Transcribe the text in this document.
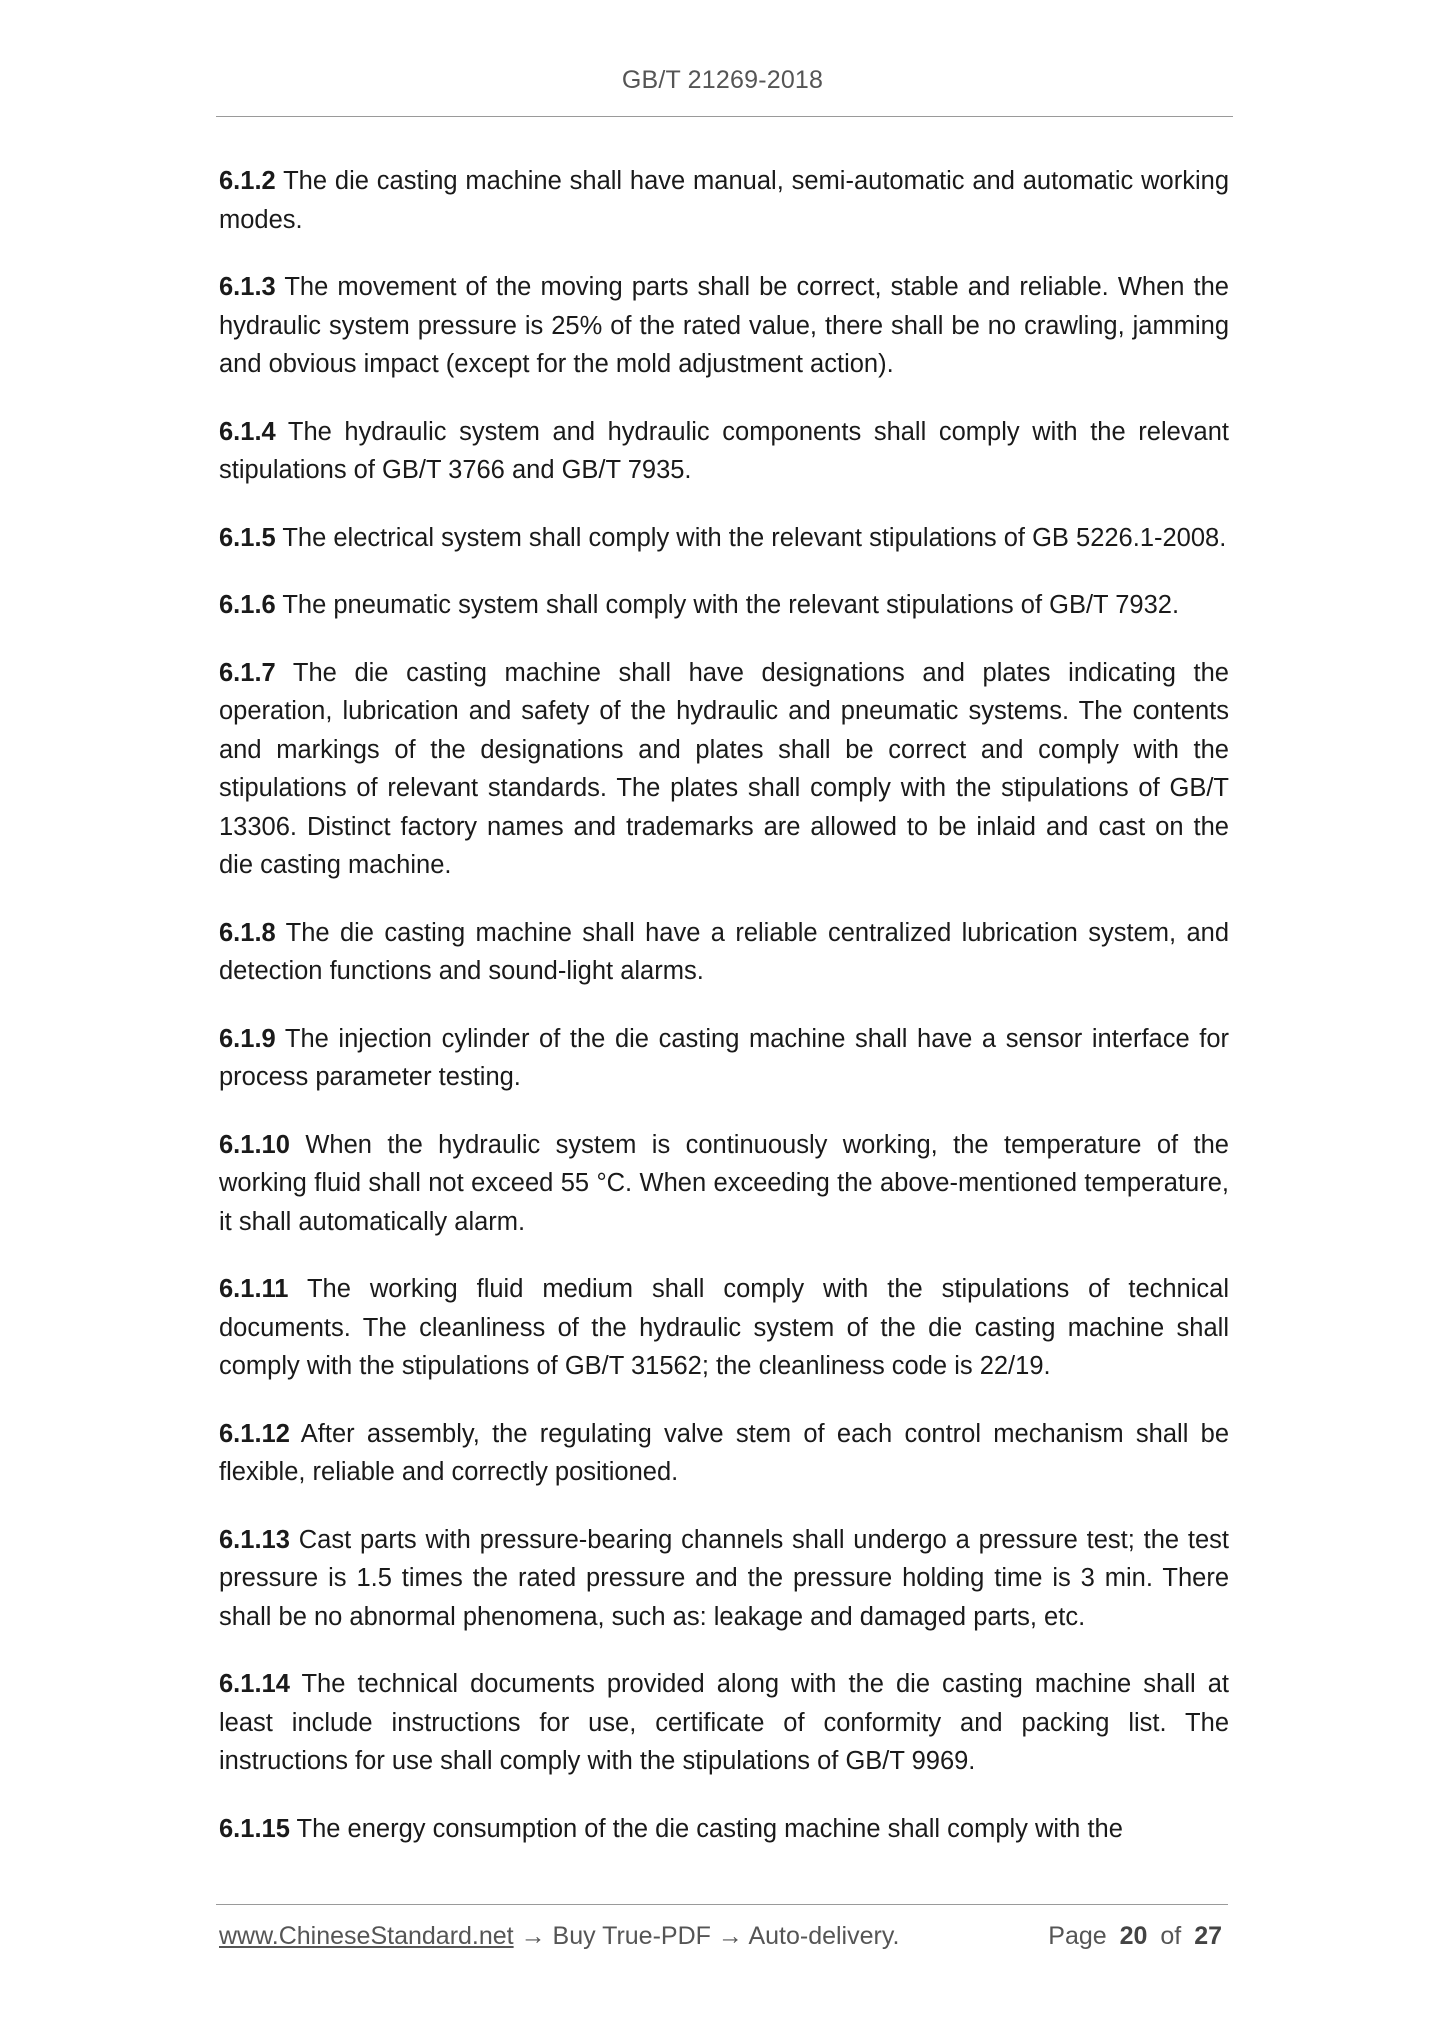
GB/T 21269-2018

6.1.2 The die casting machine shall have manual, semi-automatic and automatic working modes.

6.1.3 The movement of the moving parts shall be correct, stable and reliable. When the hydraulic system pressure is 25% of the rated value, there shall be no crawling, jamming and obvious impact (except for the mold adjustment action).

6.1.4 The hydraulic system and hydraulic components shall comply with the relevant stipulations of GB/T 3766 and GB/T 7935.

6.1.5 The electrical system shall comply with the relevant stipulations of GB 5226.1-2008.

6.1.6 The pneumatic system shall comply with the relevant stipulations of GB/T 7932.

6.1.7 The die casting machine shall have designations and plates indicating the operation, lubrication and safety of the hydraulic and pneumatic systems. The contents and markings of the designations and plates shall be correct and comply with the stipulations of relevant standards. The plates shall comply with the stipulations of GB/T 13306. Distinct factory names and trademarks are allowed to be inlaid and cast on the die casting machine.

6.1.8 The die casting machine shall have a reliable centralized lubrication system, and detection functions and sound-light alarms.

6.1.9 The injection cylinder of the die casting machine shall have a sensor interface for process parameter testing.

6.1.10 When the hydraulic system is continuously working, the temperature of the working fluid shall not exceed 55 °C. When exceeding the above-mentioned temperature, it shall automatically alarm.

6.1.11 The working fluid medium shall comply with the stipulations of technical documents. The cleanliness of the hydraulic system of the die casting machine shall comply with the stipulations of GB/T 31562; the cleanliness code is 22/19.

6.1.12 After assembly, the regulating valve stem of each control mechanism shall be flexible, reliable and correctly positioned.

6.1.13 Cast parts with pressure-bearing channels shall undergo a pressure test; the test pressure is 1.5 times the rated pressure and the pressure holding time is 3 min. There shall be no abnormal phenomena, such as: leakage and damaged parts, etc.

6.1.14 The technical documents provided along with the die casting machine shall at least include instructions for use, certificate of conformity and packing list. The instructions for use shall comply with the stipulations of GB/T 9969.

6.1.15 The energy consumption of the die casting machine shall comply with the

www.ChineseStandard.net → Buy True-PDF → Auto-delivery.	Page 20 of 27
